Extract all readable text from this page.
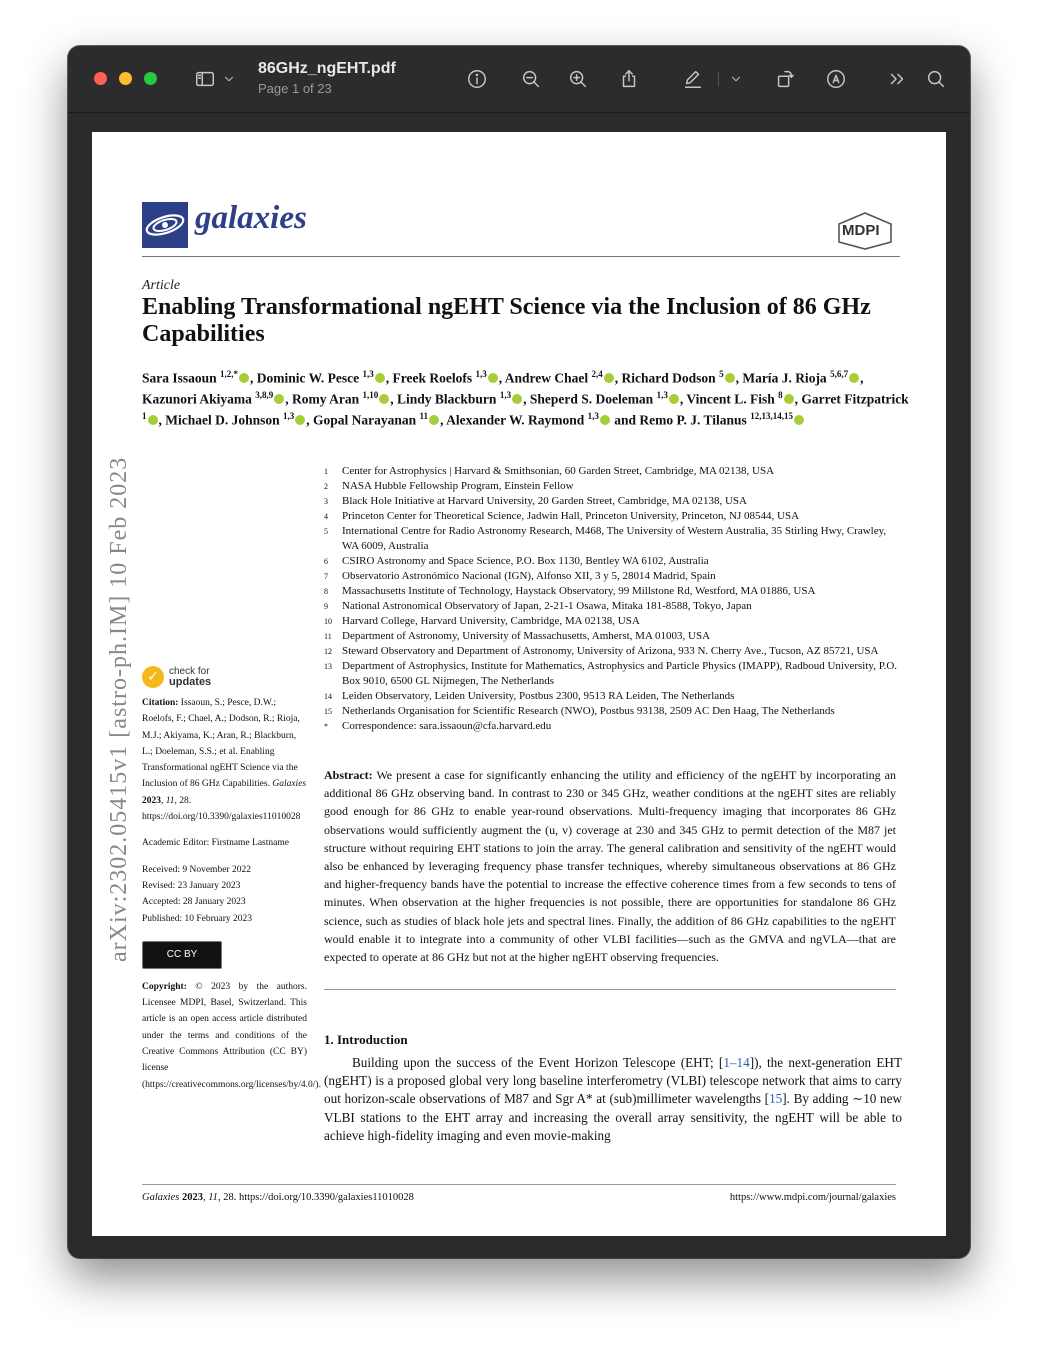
86GHz_ngEHT.pdf
Page 1 of 23
galaxies	MDPI
Article
Enabling Transformational ngEHT Science via the Inclusion of 86 GHz Capabilities
Sara Issaoun $^{1,2,*}$ , Dominic W. Pesce $^{1,3}$ , Freek Roelofs $^{1,3}$ , Andrew Chael $^{2,4}$ , Richard Dodson $^5$ , María J. Rioja $^{5,6,7}$ , Kazunori Akiyama $^{3,8,9}$ , Romy Aran $^{1,10}$ , Lindy Blackburn $^{1,3}$ , Sheperd S. Doeleman $^{1,3}$ , Vincent L. Fish $^8$ , Garret Fitzpatrick $^1$ , Michael D. Johnson $^{1,3}$ , Gopal Narayanan $^{11}$ , Alexander W. Raymond $^{1,3}$ and Remo P. J. Tilanus $^{12,13,14,15}$
1	Center for Astrophysics | Harvard & Smithsonian, 60 Garden Street, Cambridge, MA 02138, USA
2	NASA Hubble Fellowship Program, Einstein Fellow
3	Black Hole Initiative at Harvard University, 20 Garden Street, Cambridge, MA 02138, USA
4	Princeton Center for Theoretical Science, Jadwin Hall, Princeton University, Princeton, NJ 08544, USA
5	International Centre for Radio Astronomy Research, M468, The University of Western Australia, 35 Stirling Hwy, Crawley, WA 6009, Australia
6	CSIRO Astronomy and Space Science, P.O. Box 1130, Bentley WA 6102, Australia
7	Observatorio Astronómico Nacional (IGN), Alfonso XII, 3 y 5, 28014 Madrid, Spain
8	Massachusetts Institute of Technology, Haystack Observatory, 99 Millstone Rd, Westford, MA 01886, USA
9	National Astronomical Observatory of Japan, 2-21-1 Osawa, Mitaka 181-8588, Tokyo, Japan
10 Harvard College, Harvard University, Cambridge, MA 02138, USA
11 Department of Astronomy, University of Massachusetts, Amherst, MA 01003, USA
12 Steward Observatory and Department of Astronomy, University of Arizona, 933 N. Cherry Ave., Tucson, AZ 85721, USA
13 Department of Astrophysics, Institute for Mathematics, Astrophysics and Particle Physics (IMAPP), Radboud University, P.O. Box 9010, 6500 GL Nijmegen, The Netherlands
14 Leiden Observatory, Leiden University, Postbus 2300, 9513 RA Leiden, The Netherlands
15 Netherlands Organisation for Scientific Research (NWO), Postbus 93138, 2509 AC Den Haag, The Netherlands
*	Correspondence: sara.issaoun@cfa.harvard.edu
arXiv:2302.05415v1 [astro-ph.IM] 10 Feb 2023	✓	check for
updates

Citation: Issaoun, S.; Pesce, D.W.; Roelofs, F.; Chael, A.; Dodson, R.; Rioja, M.J.; Akiyama, K.; Aran, R.; Blackburn, L.; Doeleman, S.S.; et al. Enabling Transformational ngEHT Science via the Inclusion of 86 GHz Capabilities. Galaxies 2023, 11, 28. https://doi.org/10.3390/galaxies11010028

Academic Editor: Firstname Lastname

Received: 9 November 2022
Revised: 23 January 2023
Accepted: 28 January 2023
Published: 10 February 2023
CC BY

Copyright: © 2023 by the authors. Licensee MDPI, Basel, Switzerland. This article is an open access article distributed under the terms and conditions of the Creative Commons Attribution (CC BY) license (https://creativecommons.org/licenses/by/4.0/).

Abstract: We present a case for significantly enhancing the utility and efficiency of the ngEHT by incorporating an additional 86 GHz observing band. In contrast to 230 or 345 GHz, weather conditions at the ngEHT sites are reliably good enough for 86 GHz to enable year-round observations. Multi-frequency imaging that incorporates 86 GHz observations would sufficiently augment the (u, v) coverage at 230 and 345 GHz to permit detection of the M87 jet structure without requiring EHT stations to join the array. The general calibration and sensitivity of the ngEHT would also be enhanced by leveraging frequency phase transfer techniques, whereby simultaneous observations at 86 GHz and higher-frequency bands have the potential to increase the effective coherence times from a few seconds to tens of minutes. When observation at the higher frequencies is not possible, there are opportunities for standalone 86 GHz science, such as studies of black hole jets and spectral lines. Finally, the addition of 86 GHz capabilities to the ngEHT would enable it to integrate into a community of other VLBI facilities—such as the GMVA and ngVLA—that are expected to operate at 86 GHz but not at the higher ngEHT observing frequencies.
1. Introduction
Building upon the success of the Event Horizon Telescope (EHT; [1–14]), the next-generation EHT (ngEHT) is a proposed global very long baseline interferometry (VLBI) telescope network that aims to carry out horizon-scale observations of M87 and Sgr A* at (sub)millimeter wavelengths [15]. By adding ∼10 new VLBI stations to the EHT array and increasing the overall array sensitivity, the ngEHT will be able to achieve high-fidelity imaging and even movie-making
Galaxies 2023, 11, 28. https://doi.org/10.3390/galaxies11010028	https://www.mdpi.com/journal/galaxies
